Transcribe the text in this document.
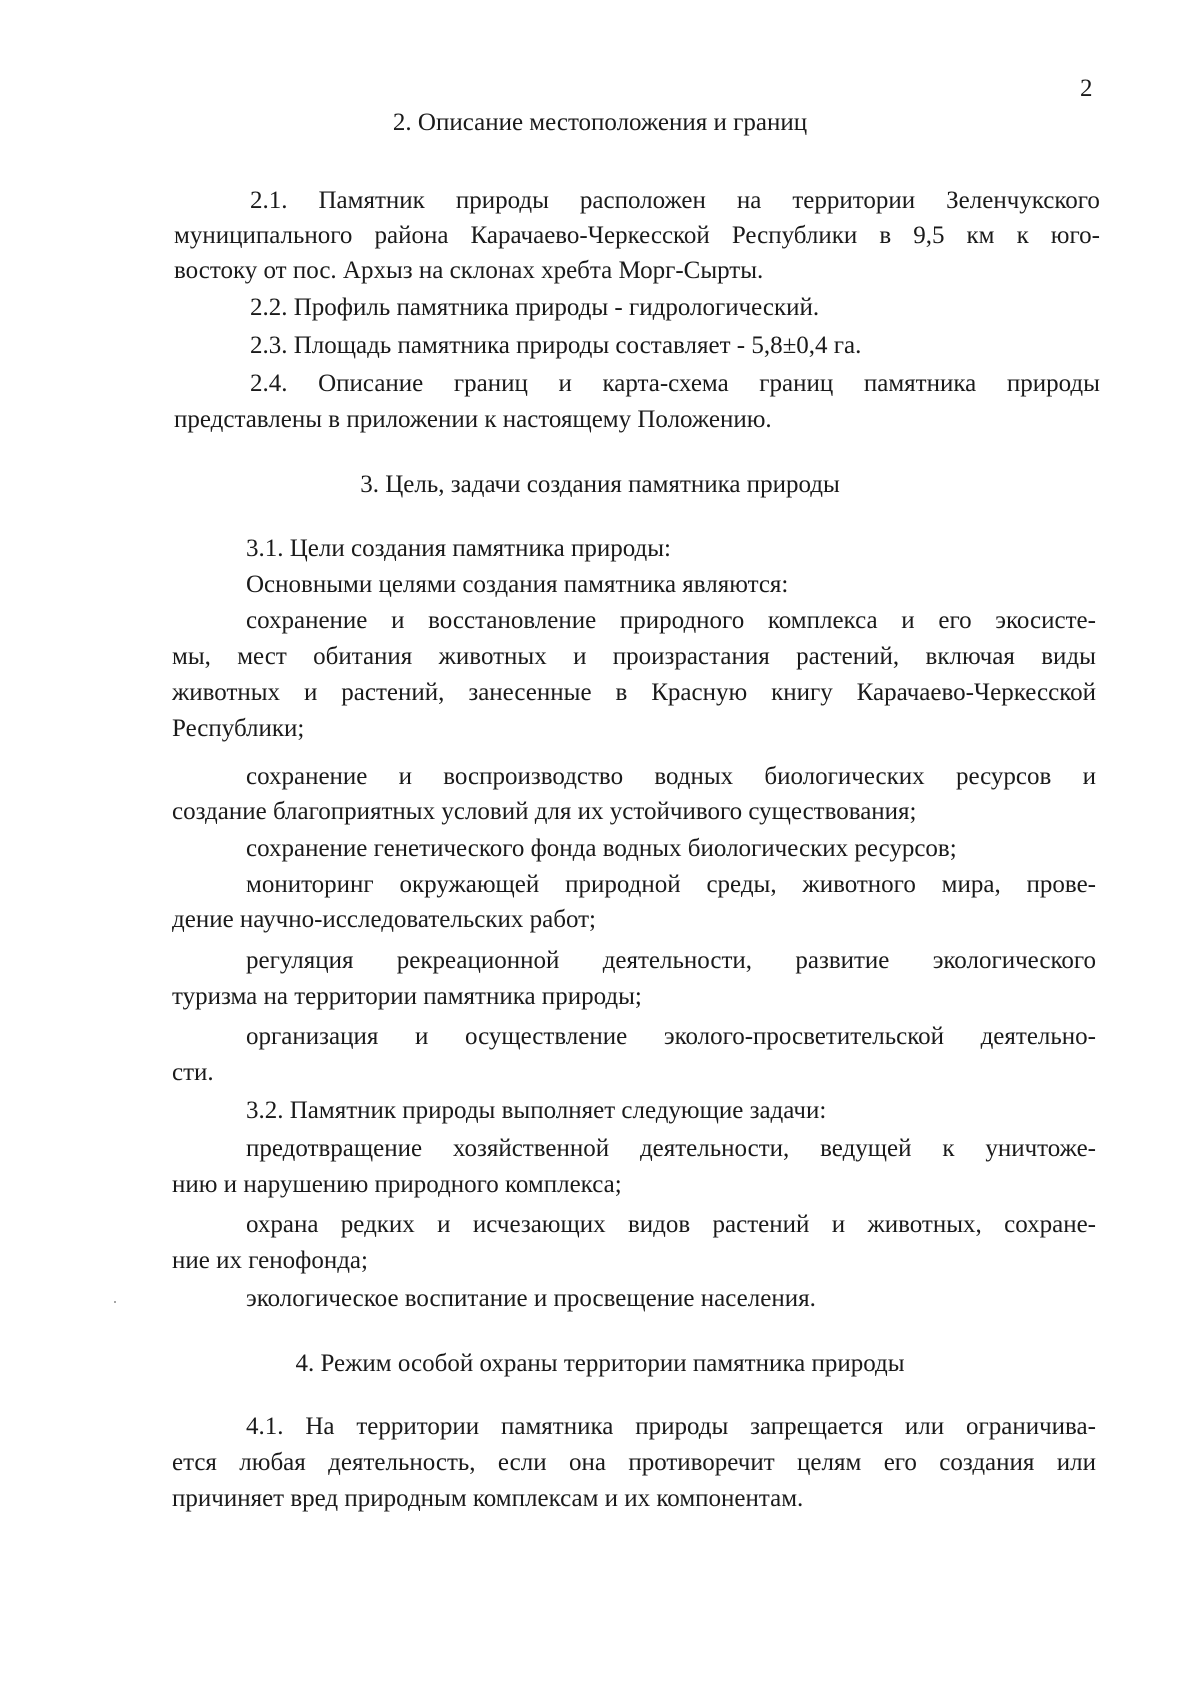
2
2. Описание местоположения и границ
2.1. Памятник природы расположен на территории Зеленчукского
муниципального района Карачаево-Черкесской Республики в 9,5 км к юго-
востоку от пос. Архыз на склонах хребта Морг-Сырты.
2.2. Профиль памятника природы - гидрологический.
2.3. Площадь памятника природы составляет - 5,8±0,4 га.
2.4. Описание границ и карта-схема границ памятника природы
представлены в приложении к настоящему Положению.
3. Цель, задачи создания памятника природы
3.1. Цели создания памятника природы:
Основными целями создания памятника являются:
сохранение и восстановление природного комплекса и его экосисте-
мы, мест обитания животных и произрастания растений, включая виды
животных и растений, занесенные в Красную книгу Карачаево-Черкесской
Республики;
сохранение и воспроизводство водных биологических ресурсов и
создание благоприятных условий для их устойчивого существования;
сохранение генетического фонда водных биологических ресурсов;
мониторинг окружающей природной среды, животного мира, прове-
дение научно-исследовательских работ;
регуляция рекреационной деятельности, развитие экологического
туризма на территории памятника природы;
организация и осуществление эколого-просветительской деятельно-
сти.
3.2. Памятник природы выполняет следующие задачи:
предотвращение хозяйственной деятельности, ведущей к уничтоже-
нию и нарушению природного комплекса;
охрана редких и исчезающих видов растений и животных, сохране-
ние их генофонда;
экологическое воспитание и просвещение населения.
4. Режим особой охраны территории памятника природы
4.1. На территории памятника природы запрещается или ограничива-
ется любая деятельность, если она противоречит целям его создания или
причиняет вред природным комплексам и их компонентам.
